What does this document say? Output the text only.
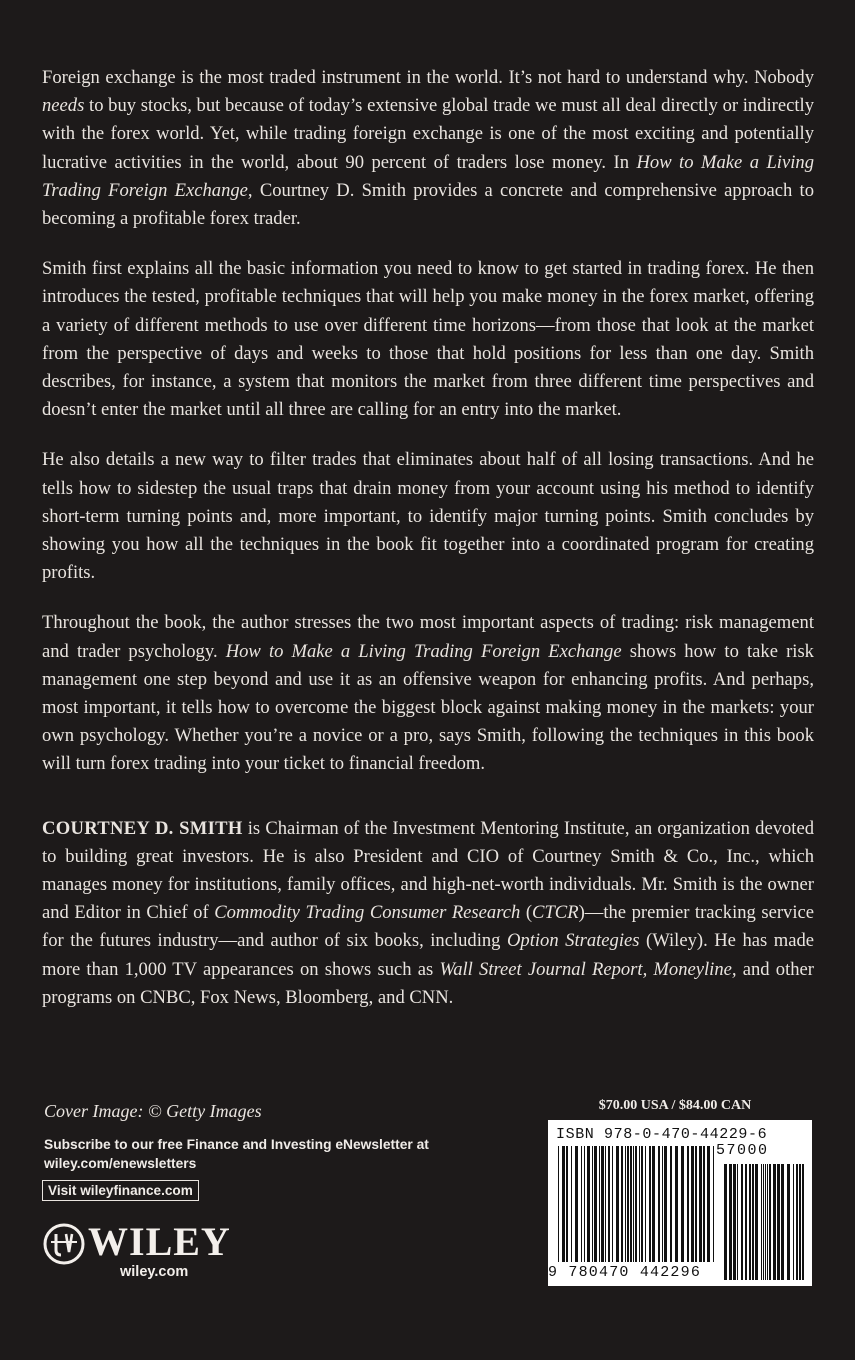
Foreign exchange is the most traded instrument in the world. It’s not hard to understand why. Nobody needs to buy stocks, but because of today’s extensive global trade we must all deal directly or indirectly with the forex world. Yet, while trading foreign exchange is one of the most exciting and potentially lucrative activities in the world, about 90 percent of traders lose money. In How to Make a Living Trading Foreign Exchange, Courtney D. Smith provides a concrete and comprehensive approach to becoming a profitable forex trader.

Smith first explains all the basic information you need to know to get started in trading forex. He then introduces the tested, profitable techniques that will help you make money in the forex market, offering a variety of different methods to use over different time horizons—from those that look at the market from the perspective of days and weeks to those that hold positions for less than one day. Smith describes, for instance, a system that monitors the market from three different time perspectives and doesn’t enter the market until all three are calling for an entry into the market.

He also details a new way to filter trades that eliminates about half of all losing transactions. And he tells how to sidestep the usual traps that drain money from your account using his method to identify short-term turning points and, more important, to identify major turning points. Smith concludes by showing you how all the techniques in the book fit together into a coordinated program for creating profits.

Throughout the book, the author stresses the two most important aspects of trading: risk management and trader psychology. How to Make a Living Trading Foreign Exchange shows how to take risk management one step beyond and use it as an offensive weapon for enhancing profits. And perhaps, most important, it tells how to overcome the biggest block against making money in the markets: your own psychology. Whether you’re a novice or a pro, says Smith, following the techniques in this book will turn forex trading into your ticket to financial freedom.

COURTNEY D. SMITH is Chairman of the Investment Mentoring Institute, an organization devoted to building great investors. He is also President and CIO of Courtney Smith & Co., Inc., which manages money for institutions, family offices, and high-net-worth individuals. Mr. Smith is the owner and Editor in Chief of Commodity Trading Consumer Research (CTCR)—the premier tracking service for the futures industry—and author of six books, including Option Strategies (Wiley). He has made more than 1,000 TV appearances on shows such as Wall Street Journal Report, Moneyline, and other programs on CNBC, Fox News, Bloomberg, and CNN.

Cover Image: © Getty Images
Subscribe to our free Finance and Investing eNewsletter at
wiley.com/enewsletters
Visit wileyfinance.com
WILEY
wiley.com
$70.00 USA / $84.00 CAN
ISBN 978-0-470-44229-6
57000
9 780470 442296
